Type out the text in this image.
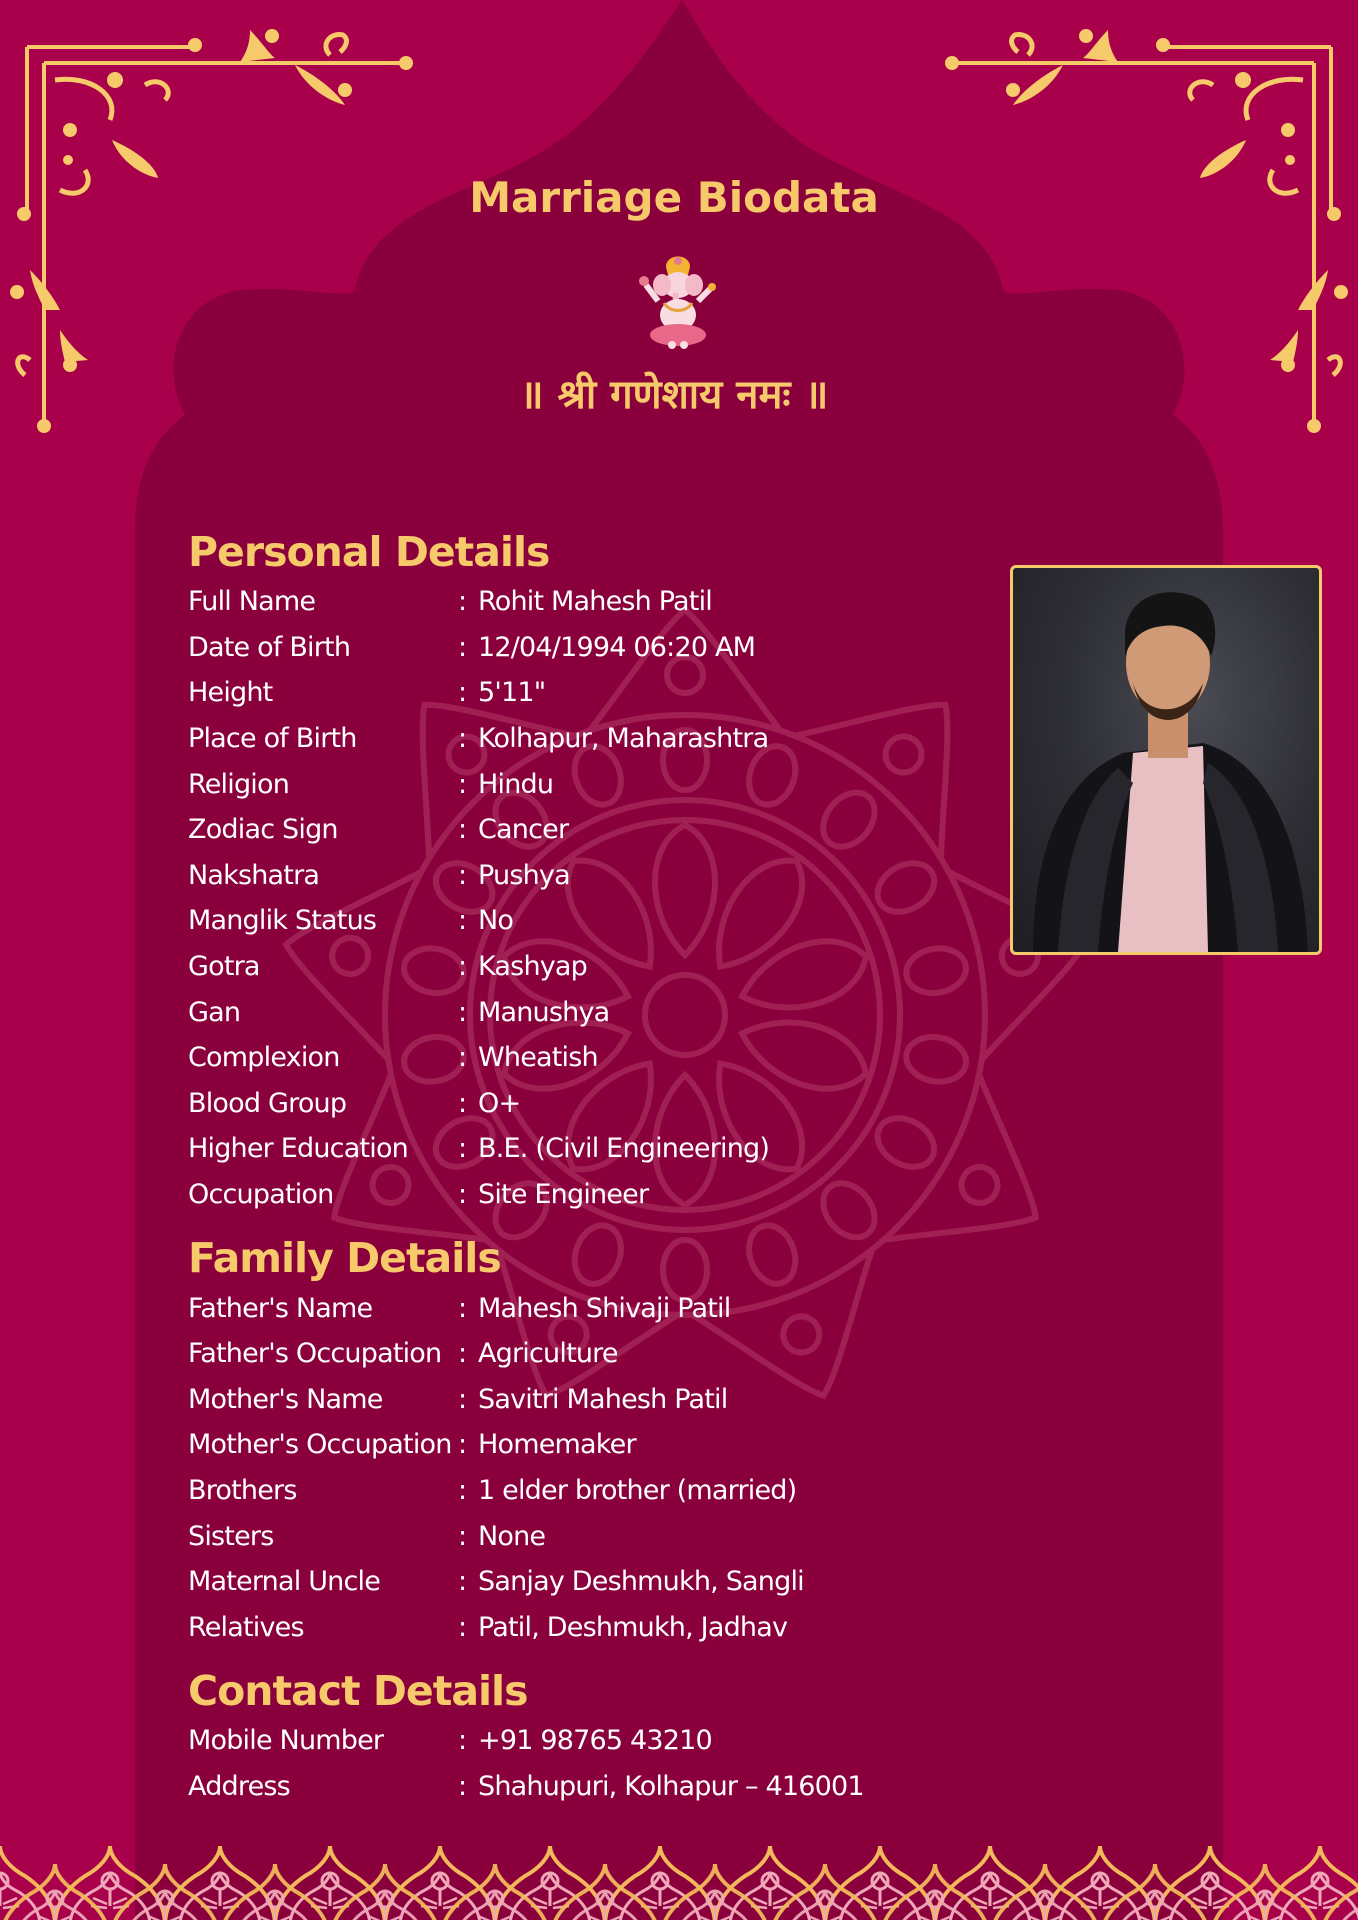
Marriage Biodata
॥ श्री गणेशाय नमः ॥
Personal Details
Full Name	: Rohit Mahesh Patil
Date of Birth	: 12/04/1994 06:20 AM
Height	: 5'11"
Place of Birth	: Kolhapur, Maharashtra
Religion	: Hindu
Zodiac Sign	: Cancer
Nakshatra	: Pushya
Manglik Status	: No
Gotra	: Kashyap
Gan	: Manushya
Complexion	: Wheatish
Blood Group	: O+
Higher Education	: B.E. (Civil Engineering)
Occupation	: Site Engineer
Family Details
Father's Name	: Mahesh Shivaji Patil
Father's Occupation : Agriculture
Mother's Name	: Savitri Mahesh Patil
Mother's Occupation : Homemaker
Brothers	: 1 elder brother (married)
Sisters	: None
Maternal Uncle	: Sanjay Deshmukh, Sangli
Relatives	: Patil, Deshmukh, Jadhav
Contact Details
Mobile Number	: +91 98765 43210
Address	: Shahupuri, Kolhapur – 416001
